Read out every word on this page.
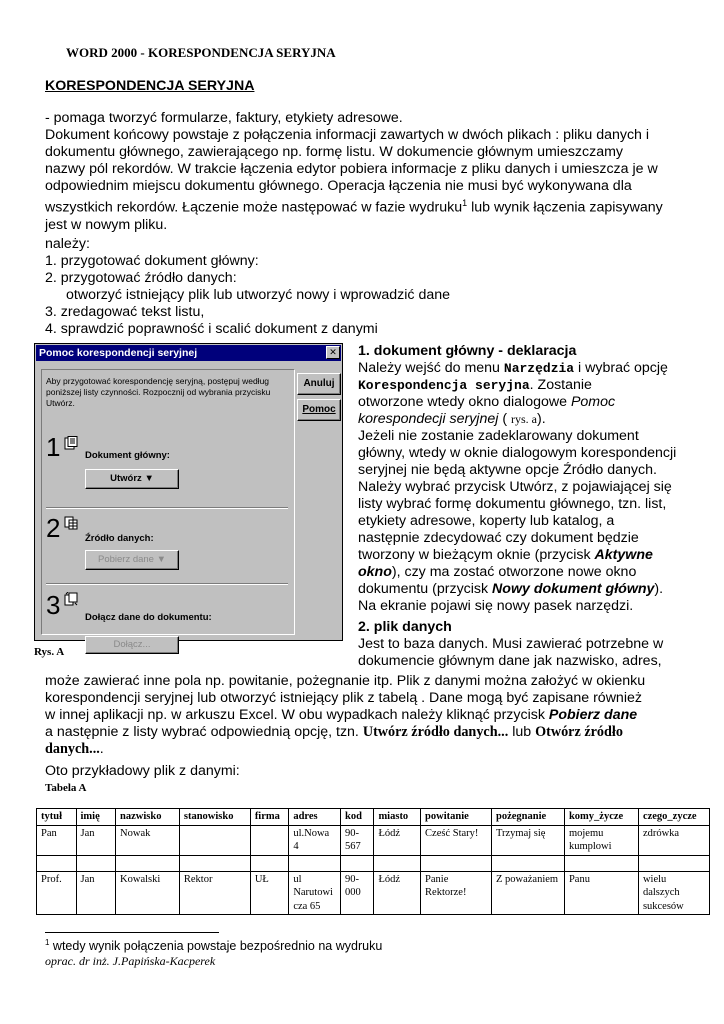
WORD 2000 - KORESPONDENCJA SERYJNA
KORESPONDENCJA SERYJNA
- pomaga tworzyć formularze, faktury, etykiety adresowe.
Dokument końcowy powstaje z połączenia informacji zawartych w dwóch plikach : pliku danych i
dokumentu głównego, zawierającego np. formę listu. W dokumencie głównym umieszczamy
nazwy pól rekordów. W trakcie łączenia edytor pobiera informacje z pliku danych i umieszcza je w
odpowiednim miejscu dokumentu głównego. Operacja łączenia nie musi być wykonywana dla
wszystkich rekordów. Łączenie może następować w fazie wydruku$^1$ lub wynik łączenia zapisywany
jest w nowym pliku.
należy:
1. przygotować dokument główny:
2. przygotować źródło danych:
otworzyć istniejący plik lub utworzyć nowy i wprowadzić dane
3. zredagować tekst listu,
4. sprawdzić poprawność i scalić dokument z danymi
Pomoc korespondencji seryjnej	✕
Aby przygotować korespondencję seryjną, postępuj według poniższej listy czynności. Rozpocznij od wybrania przycisku Utwórz.
1	Dokument główny:
Utwórz ▼
2	Źródło danych:
Pobierz dane ▼
3	Dołącz dane do dokumentu:
Dołącz...
Anuluj
Pomoc
Rys. A
1. dokument główny - deklaracja
Należy wejść do menu Narzędzia i wybrać opcję
Korespondencja seryjna. Zostanie
otworzone wtedy okno dialogowe Pomoc
korespondecji seryjnej ( rys. a).
Jeżeli nie zostanie zadeklarowany dokument
główny, wtedy w oknie dialogowym korespondencji
seryjnej nie będą aktywne opcje Źródło danych.
Należy wybrać przycisk Utwórz, z pojawiającej się
listy wybrać formę dokumentu głównego, tzn. list,
etykiety adresowe, koperty lub katalog, a
następnie zdecydować czy dokument będzie
tworzony w bieżącym oknie (przycisk Aktywne
okno), czy ma zostać otworzone nowe okno
dokumentu (przycisk Nowy dokument główny).
Na ekranie pojawi się nowy pasek narzędzi.
2. plik danych
Jest to baza danych. Musi zawierać potrzebne w
dokumencie głównym dane jak nazwisko, adres,
może zawierać inne pola np. powitanie, pożegnanie itp. Plik z danymi można założyć w okienku
korespondencji seryjnej lub otworzyć istniejący plik z tabelą . Dane mogą być zapisane również
w innej aplikacji np. w arkuszu Excel. W obu wypadkach należy kliknąć przycisk Pobierz dane
a następnie z listy wybrać odpowiednią opcję, tzn. Utwórz źródło danych... lub Otwórz źródło
danych....
Oto przykładowy plik z danymi:
Tabela A
tytuł	imię	nazwisko	stanowisko	firma	adres	kod	miasto	powitanie	pożegnanie	komy_życze	czego_zycze
Pan	Jan	Nowak			ul.Nowa 4	90-567	Łódź	Cześć Stary!	Trzymaj się	mojemu kumplowi	zdrówka

Prof.	Jan	Kowalski	Rektor	UŁ	ul Narutowi cza 65	90-000	Łódź	Panie Rektorze!	Z poważaniem	Panu	wielu dalszych sukcesów
$^1$ wtedy wynik połączenia powstaje bezpośrednio na wydruku
oprac. dr inż. J.Papińska-Kacperek
